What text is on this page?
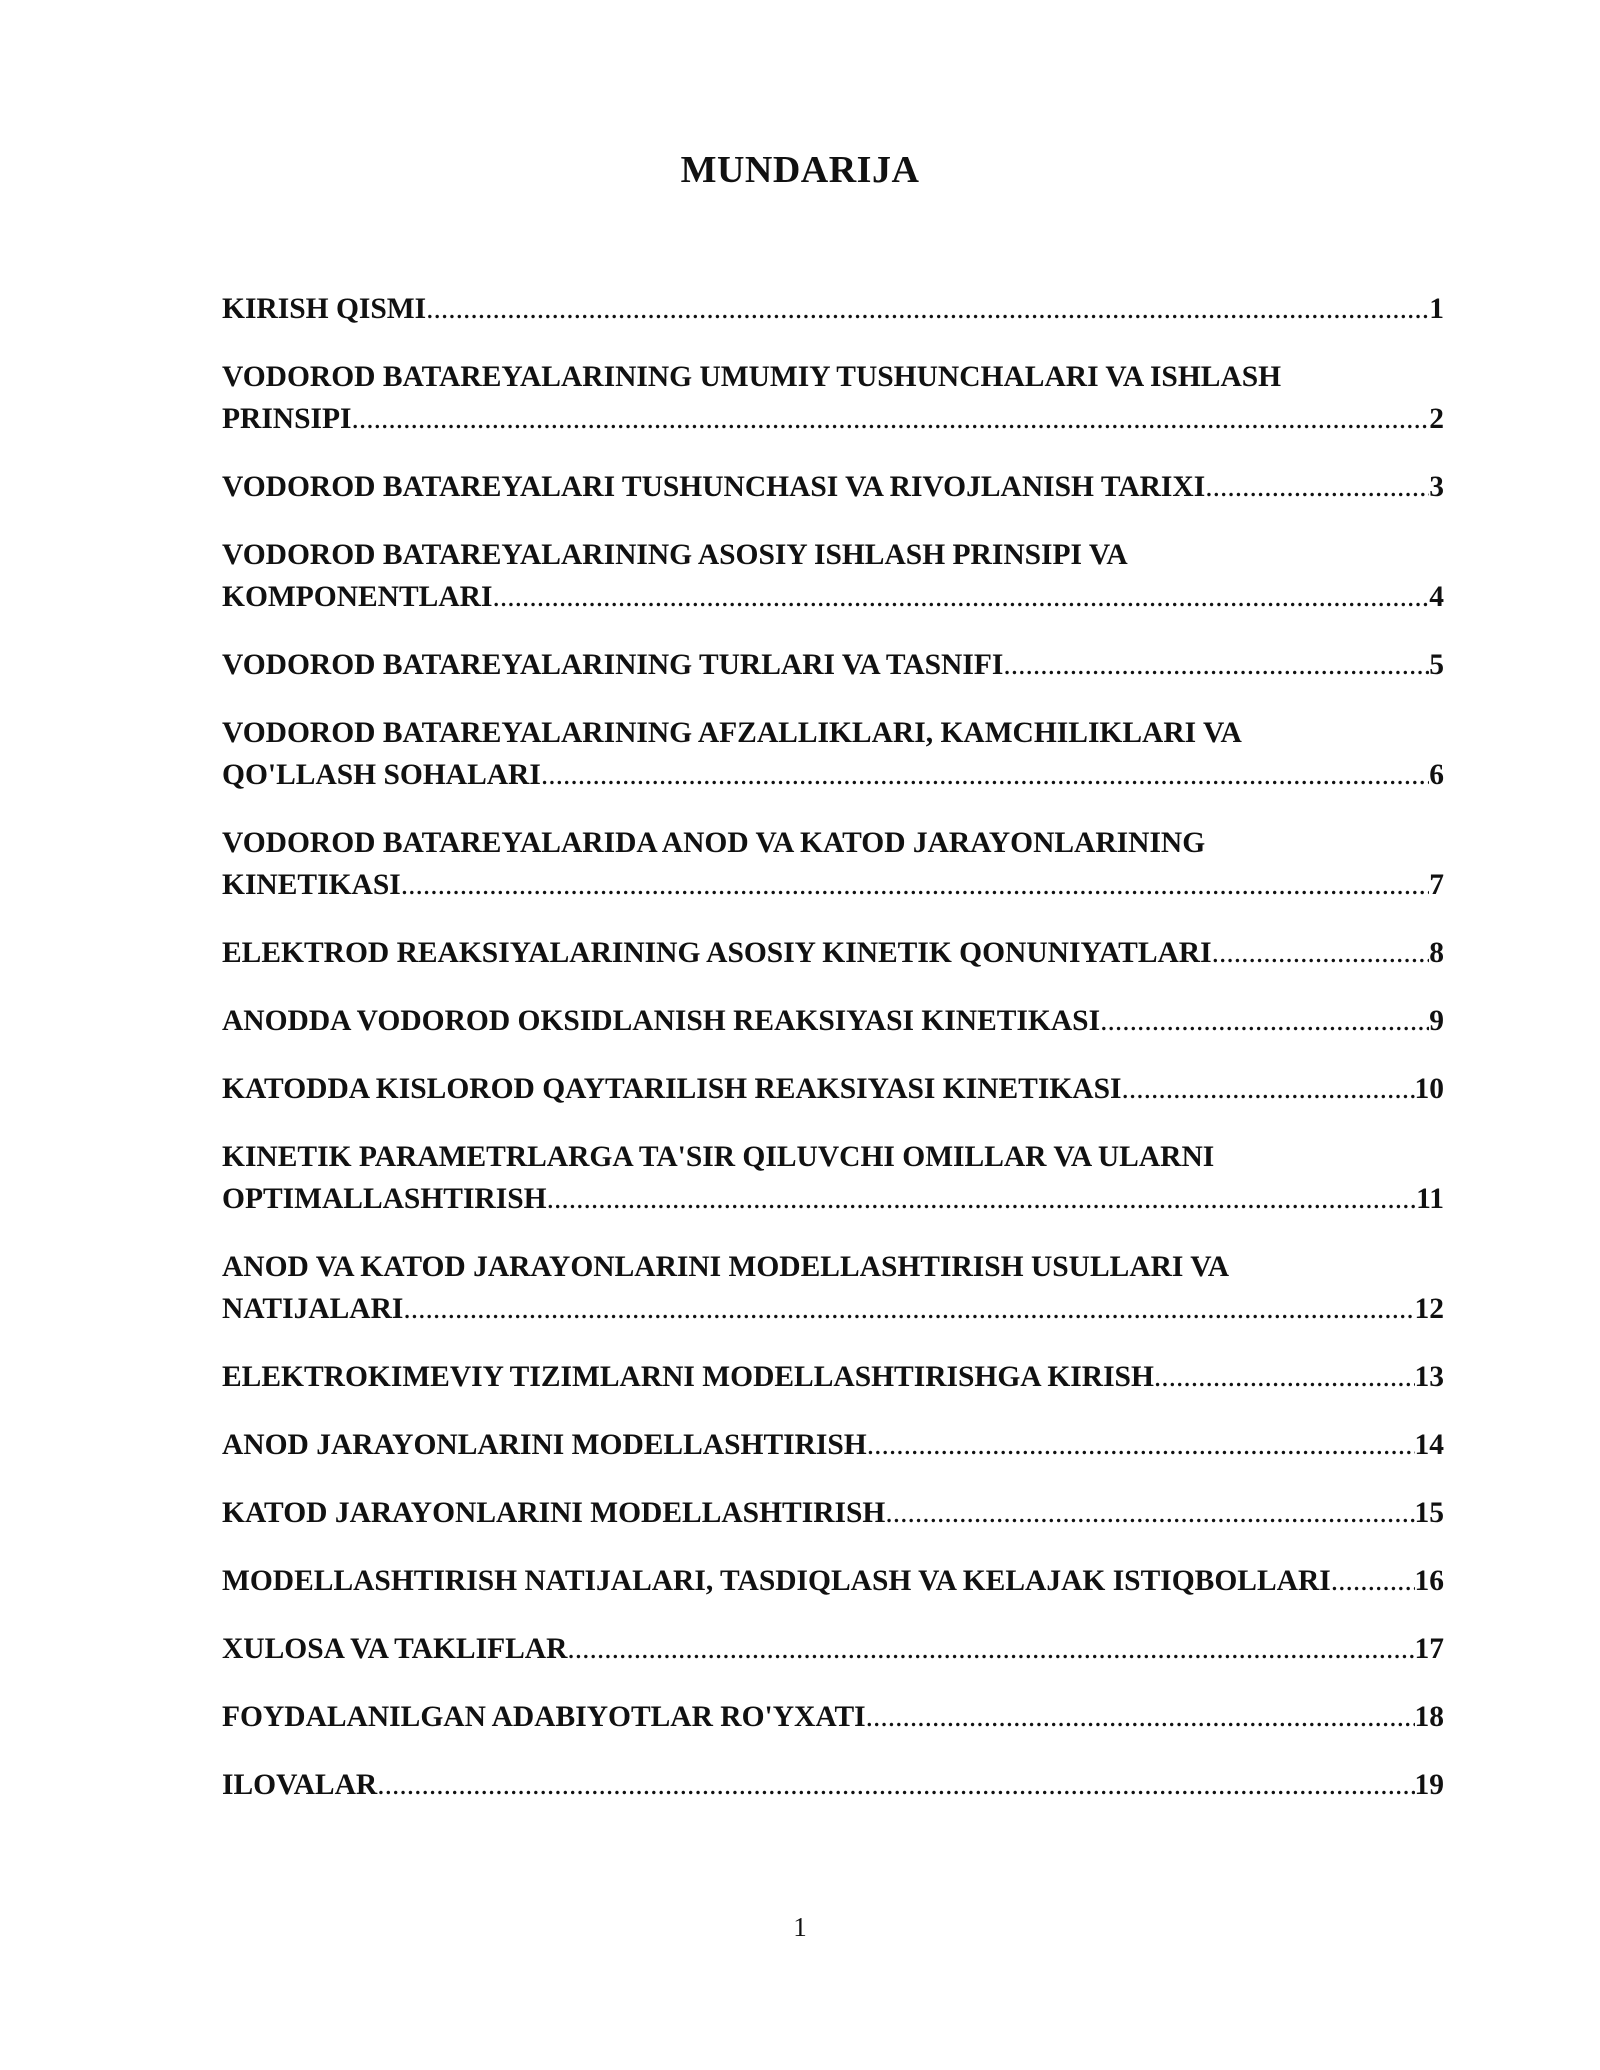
MUNDARIJA
KIRISH QISMI .....	1
VODOROD BATAREYALARINING UMUMIY TUSHUNCHALARI VA ISHLASH
PRINSIPI .....	2
VODOROD BATAREYALARI TUSHUNCHASI VA RIVOJLANISH TARIXI .....	3
VODOROD BATAREYALARINING ASOSIY ISHLASH PRINSIPI VA
KOMPONENTLARI .....	4
VODOROD BATAREYALARINING TURLARI VA TASNIFI .....	5
VODOROD BATAREYALARINING AFZALLIKLARI, KAMCHILIKLARI VA
QO'LLASH SOHALARI .....	6
VODOROD BATAREYALARIDA ANOD VA KATOD JARAYONLARINING
KINETIKASI .....	7
ELEKTROD REAKSIYALARINING ASOSIY KINETIK QONUNIYATLARI .....	8
ANODDA VODOROD OKSIDLANISH REAKSIYASI KINETIKASI .....	9
KATODDA KISLOROD QAYTARILISH REAKSIYASI KINETIKASI .....	10
KINETIK PARAMETRLARGA TA'SIR QILUVCHI OMILLAR VA ULARNI
OPTIMALLASHTIRISH .....	11
ANOD VA KATOD JARAYONLARINI MODELLASHTIRISH USULLARI VA
NATIJALARI .....	12
ELEKTROKIMEVIY TIZIMLARNI MODELLASHTIRISHGA KIRISH .....	13
ANOD JARAYONLARINI MODELLASHTIRISH .....	14
KATOD JARAYONLARINI MODELLASHTIRISH .....	15
MODELLASHTIRISH NATIJALARI, TASDIQLASH VA KELAJAK ISTIQBOLLARI .....	16
XULOSA VA TAKLIFLAR .....	17
FOYDALANILGAN ADABIYOTLAR RO'YXATI .....	18
ILOVALAR .....	19
1
